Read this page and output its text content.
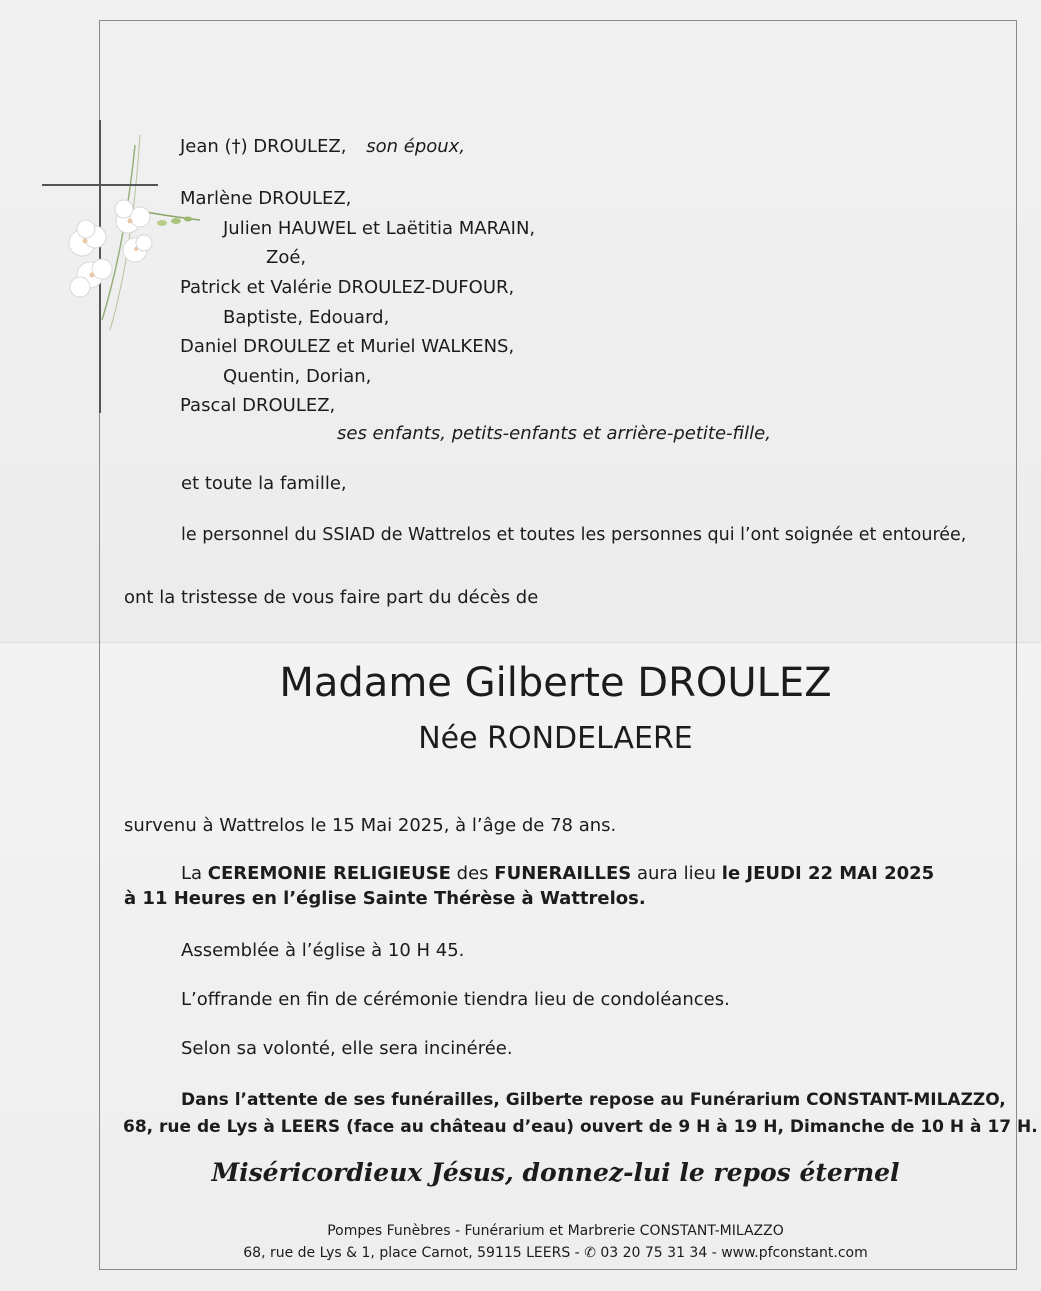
Jean (†) DROULEZ, son époux,
Marlène DROULEZ,
Julien HAUWEL et Laëtitia MARAIN,
Zoé,
Patrick et Valérie DROULEZ-DUFOUR,
Baptiste, Edouard,
Daniel DROULEZ et Muriel WALKENS,
Quentin, Dorian,
Pascal DROULEZ,
ses enfants, petits-enfants et arrière-petite-fille,
et toute la famille,
le personnel du SSIAD de Wattrelos et toutes les personnes qui l’ont soignée et entourée,
ont la tristesse de vous faire part du décès de
Madame Gilberte DROULEZ
Née RONDELAERE
survenu à Wattrelos le 15 Mai 2025, à l’âge de 78 ans.
La CEREMONIE RELIGIEUSE des FUNERAILLES aura lieu le JEUDI 22 MAI 2025
à 11 Heures en l’église Sainte Thérèse à Wattrelos.
Assemblée à l’église à 10 H 45.
L’offrande en fin de cérémonie tiendra lieu de condoléances.
Selon sa volonté, elle sera incinérée.
Dans l’attente de ses funérailles, Gilberte repose au Funérarium CONSTANT-MILAZZO,
68, rue de Lys à LEERS (face au château d’eau) ouvert de 9 H à 19 H, Dimanche de 10 H à 17 H.
Miséricordieux Jésus, donnez-lui le repos éternel
Pompes Funèbres - Funérarium et Marbrerie CONSTANT-MILAZZO
68, rue de Lys & 1, place Carnot, 59115 LEERS - ✆ 03 20 75 31 34 - www.pfconstant.com
